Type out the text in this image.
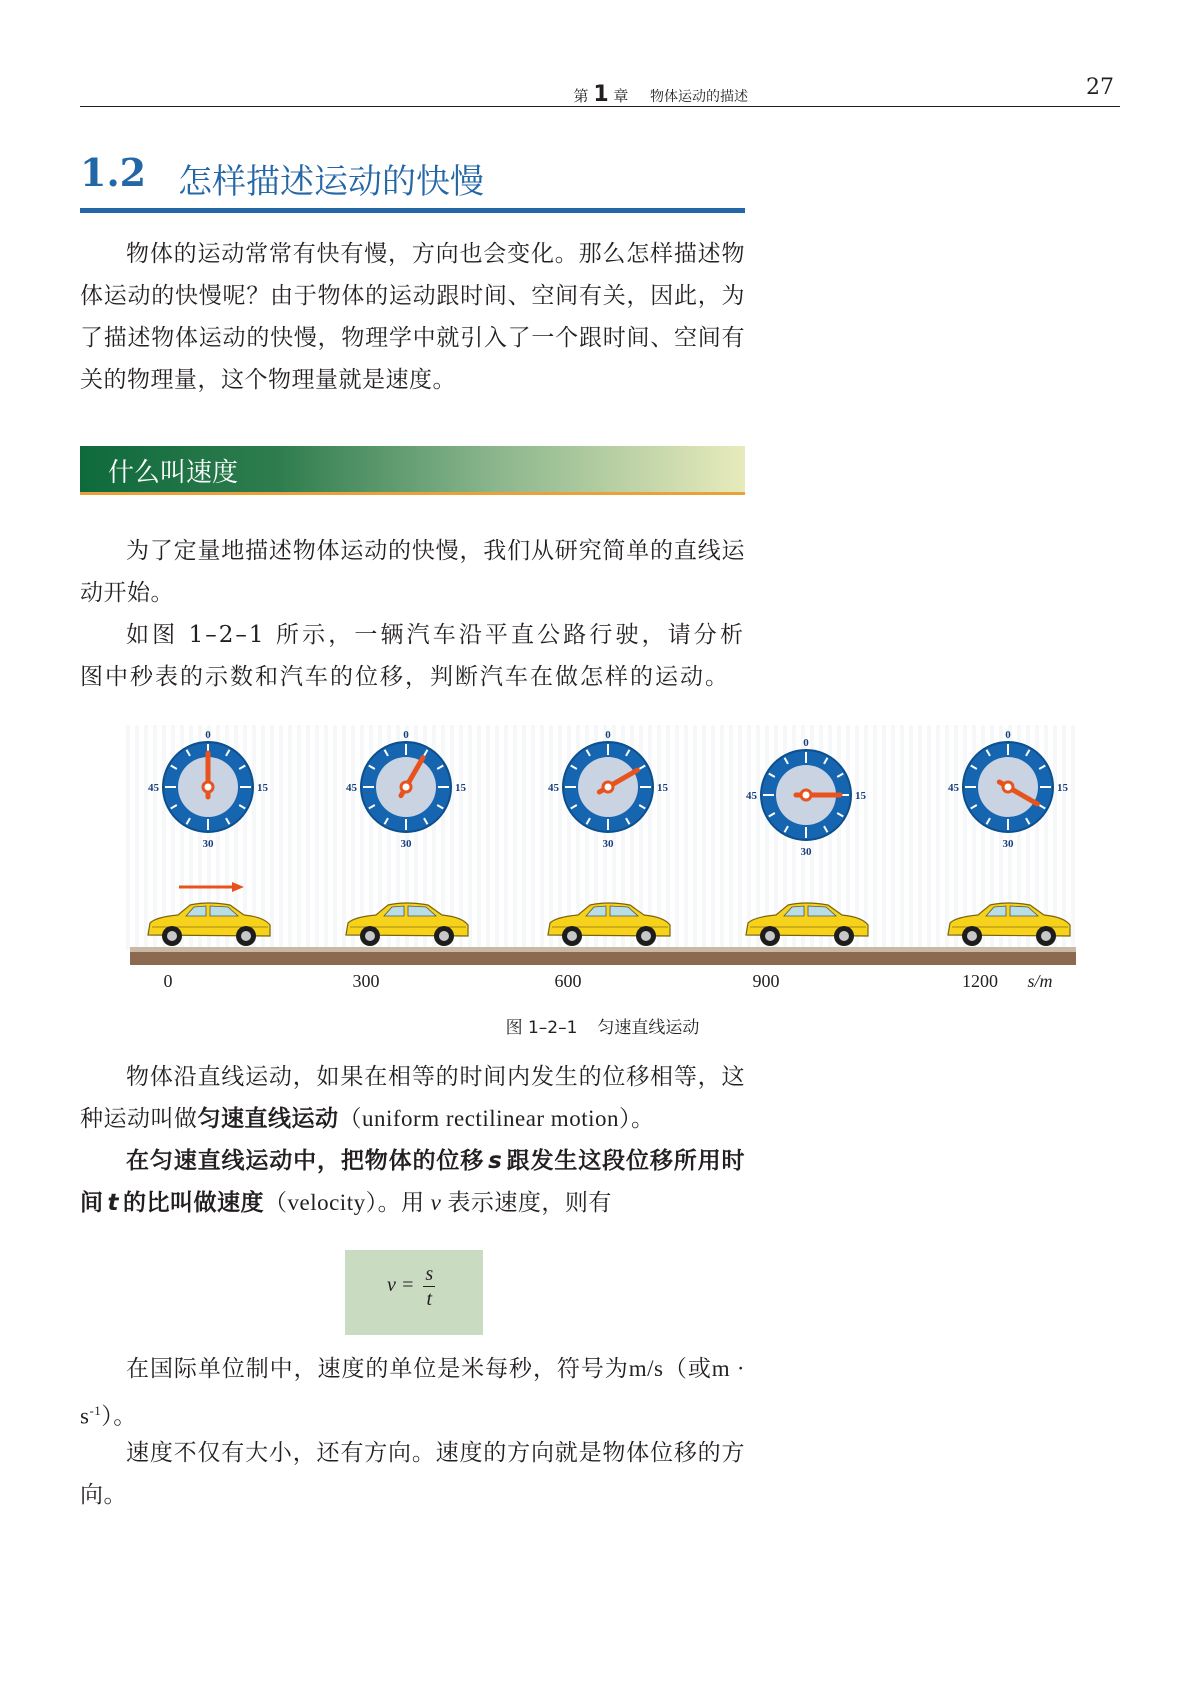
第 1 章 物体运动的描述	27
1.2 怎样描述运动的快慢
物体的运动常常有快有慢，方向也会变化。那么怎样描述物体运动的快慢呢？由于物体的运动跟时间、空间有关，因此，为了描述物体运动的快慢，物理学中就引入了一个跟时间、空间有关的物理量，这个物理量就是速度。
什么叫速度
为了定量地描述物体运动的快慢，我们从研究简单的直线运动开始。
如图 1–2–1 所示，一辆汽车沿平直公路行驶，请分析图中秒表的示数和汽车的位移，判断汽车在做怎样的运动。
0
15
30
45
0
15
30
45
0
15
30
45
0
15
30
45
0
15
30
45
0	300	600	900	1200 s/m
图 1–2–1 匀速直线运动
物体沿直线运动，如果在相等的时间内发生的位移相等，这种运动叫做匀速直线运动（uniform rectilinear motion）。
在匀速直线运动中，把物体的位移 s 跟发生这段位移所用时间 t 的比叫做速度（velocity）。用 v 表示速度，则有
$v = \frac{s}{t}$
在国际单位制中，速度的单位是米每秒，符号为m/s（或$m \cdot s^{-1}$）。
速度不仅有大小，还有方向。速度的方向就是物体位移的方向。
